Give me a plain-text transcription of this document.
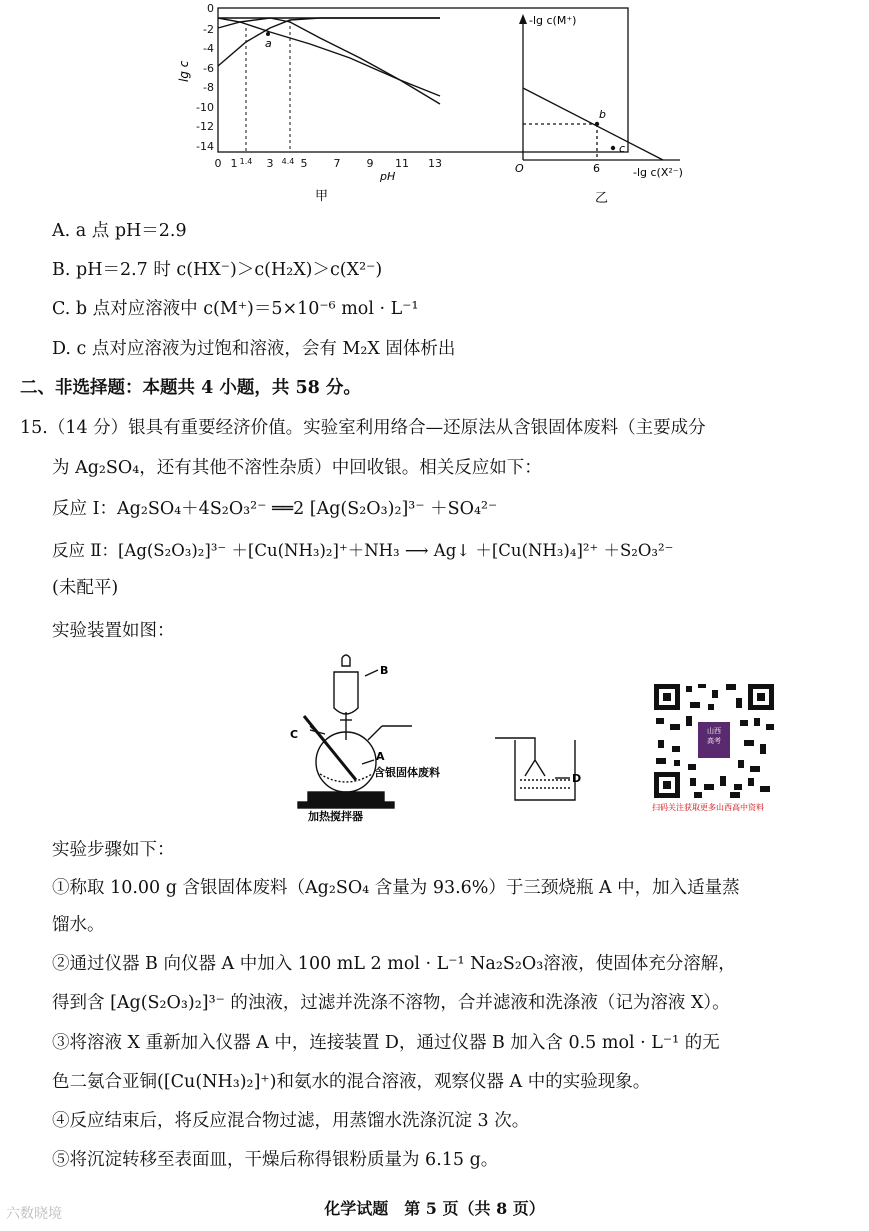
0
-2
-4
-6
-8
-10
-12
-14
lg c
0 1 1.4 3 4.4 5 7 9 11 13
pH
甲
a
-lg c(M⁺)
O	6	-lg c(X²⁻)
b
c
乙
A. a 点 pH＝2.9
B. pH＝2.7 时 c(HX⁻)＞c(H₂X)＞c(X²⁻)
C. b 点对应溶液中 c(M⁺)＝5×10⁻⁶ mol · L⁻¹
D. c 点对应溶液为过饱和溶液，会有 M₂X 固体析出
二、非选择题：本题共 4 小题，共 58 分。
15.（14 分）银具有重要经济价值。实验室利用络合—还原法从含银固体废料（主要成分
为 Ag₂SO₄，还有其他不溶性杂质）中回收银。相关反应如下：
反应 Ⅰ：Ag₂SO₄＋4S₂O₃²⁻ ══2 [Ag(S₂O₃)₂]³⁻ ＋SO₄²⁻
反应 Ⅱ：[Ag(S₂O₃)₂]³⁻ ＋[Cu(NH₃)₂]⁺＋NH₃ ⟶ Ag↓ ＋[Cu(NH₃)₄]²⁺ ＋S₂O₃²⁻
(未配平)
实验装置如图：
B
C
A
含银固体废料
加热搅拌器
D
山西
高考
扫码关注获取更多山西高中资料
实验步骤如下：
①称取 10.00 g 含银固体废料（Ag₂SO₄ 含量为 93.6%）于三颈烧瓶 A 中，加入适量蒸
馏水。
②通过仪器 B 向仪器 A 中加入 100 mL 2 mol · L⁻¹ Na₂S₂O₃溶液，使固体充分溶解，
得到含 [Ag(S₂O₃)₂]³⁻ 的浊液，过滤并洗涤不溶物，合并滤液和洗涤液（记为溶液 X）。
③将溶液 X 重新加入仪器 A 中，连接装置 D，通过仪器 B 加入含 0.5 mol · L⁻¹ 的无
色二氨合亚铜([Cu(NH₃)₂]⁺)和氨水的混合溶液，观察仪器 A 中的实验现象。
④反应结束后，将反应混合物过滤，用蒸馏水洗涤沉淀 3 次。
⑤将沉淀转移至表面皿，干燥后称得银粉质量为 6.15 g。
化学试题　第 5 页（共 8 页）
六数晓境
